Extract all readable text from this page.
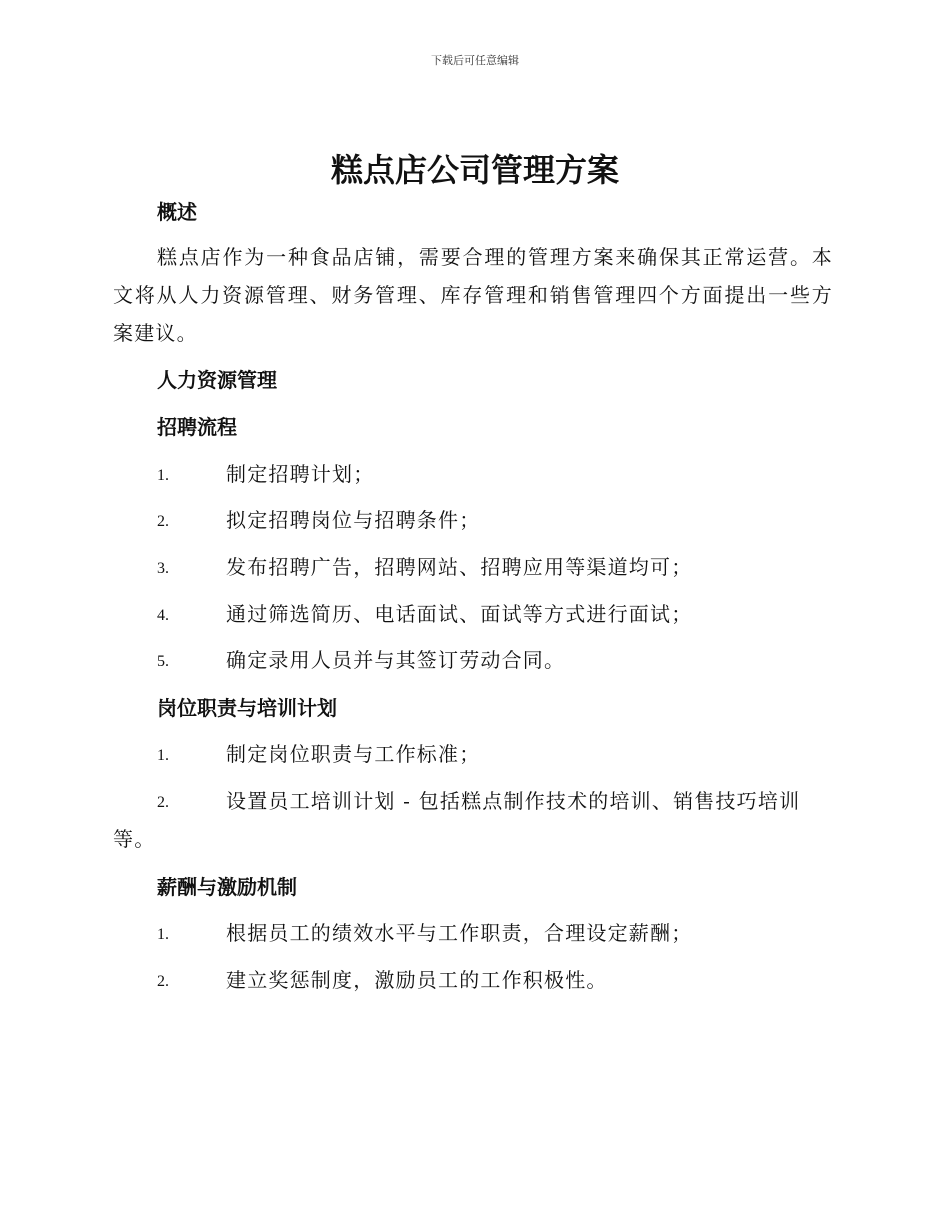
下载后可任意编辑
糕点店公司管理方案
概述

糕点店作为一种食品店铺，需要合理的管理方案来确保其正常运营。本文将从人力资源管理、财务管理、库存管理和销售管理四个方面提出一些方案建议。

人力资源管理
招聘流程
1.	制定招聘计划；
2.	拟定招聘岗位与招聘条件；
3.	发布招聘广告，招聘网站、招聘应用等渠道均可；
4.	通过筛选简历、电话面试、面试等方式进行面试；
5.	确定录用人员并与其签订劳动合同。
岗位职责与培训计划
1.	制定岗位职责与工作标准；
2.	设置员工培训计划 - 包括糕点制作技术的培训、销售技巧培训等。
薪酬与激励机制
1.	根据员工的绩效水平与工作职责，合理设定薪酬；
2.	建立奖惩制度，激励员工的工作积极性。
